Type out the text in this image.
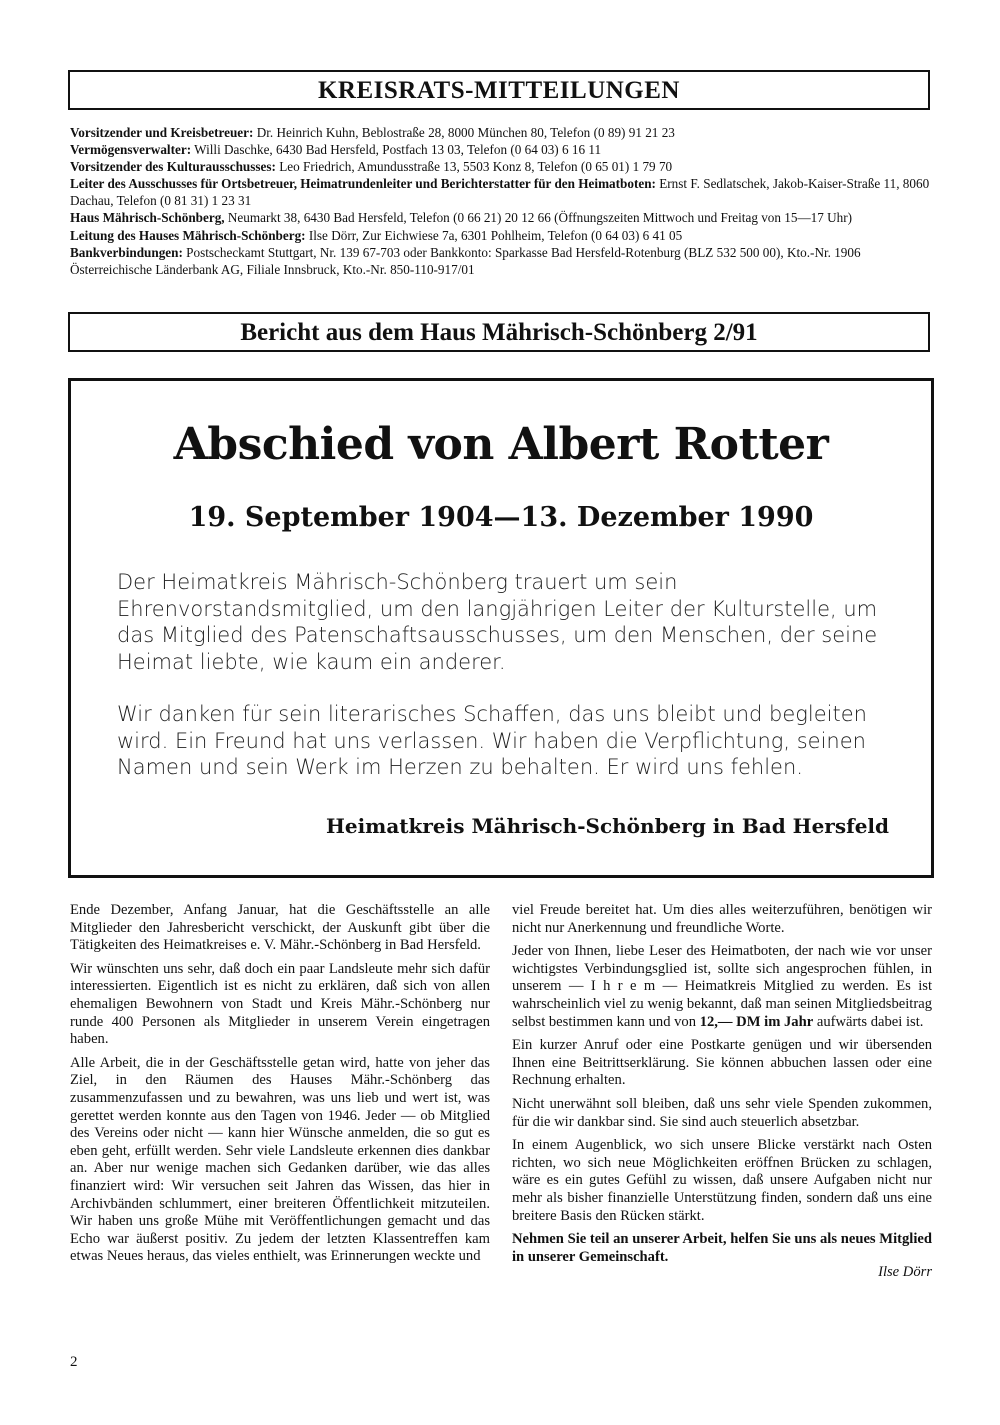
KREISRATS-MITTEILUNGEN

Vorsitzender und Kreisbetreuer: Dr. Heinrich Kuhn, Beblostraße 28, 8000 München 80, Telefon (0 89) 91 21 23

Vermögensverwalter: Willi Daschke, 6430 Bad Hersfeld, Postfach 13 03, Telefon (0 64 03) 6 16 11

Vorsitzender des Kulturausschusses: Leo Friedrich, Amundusstraße 13, 5503 Konz 8, Telefon (0 65 01) 1 79 70

Leiter des Ausschusses für Ortsbetreuer, Heimatrundenleiter und Berichterstatter für den Heimatboten: Ernst F. Sedlatschek, Jakob-Kaiser-Straße 11, 8060 Dachau, Telefon (0 81 31) 1 23 31

Haus Mährisch-Schönberg, Neumarkt 38, 6430 Bad Hersfeld, Telefon (0 66 21) 20 12 66 (Öffnungszeiten Mittwoch und Freitag von 15—17 Uhr)

Leitung des Hauses Mährisch-Schönberg: Ilse Dörr, Zur Eichwiese 7a, 6301 Pohlheim, Telefon (0 64 03) 6 41 05

Bankverbindungen: Postscheckamt Stuttgart, Nr. 139 67-703 oder Bankkonto: Sparkasse Bad Hersfeld-Rotenburg (BLZ 532 500 00), Kto.-Nr. 1906 Österreichische Länderbank AG, Filiale Innsbruck, Kto.-Nr. 850-110-917/01

Bericht aus dem Haus Mährisch-Schönberg 2/91
Abschied von Albert Rotter
19. September 1904—13. Dezember 1990

Der Heimatkreis Mährisch-Schönberg trauert um sein Ehrenvorstandsmitglied, um den langjährigen Leiter der Kulturstelle, um das Mitglied des Patenschaftsausschusses, um den Menschen, der seine Heimat liebte, wie kaum ein anderer.

Wir danken für sein literarisches Schaffen, das uns bleibt und begleiten wird. Ein Freund hat uns verlassen. Wir haben die Verpflichtung, seinen Namen und sein Werk im Herzen zu behalten. Er wird uns fehlen.

Heimatkreis Mährisch-Schönberg in Bad Hersfeld

Ende Dezember, Anfang Januar, hat die Geschäftsstelle an alle Mitglieder den Jahresbericht verschickt, der Auskunft gibt über die Tätigkeiten des Heimatkreises e. V. Mähr.-Schönberg in Bad Hersfeld.

Wir wünschten uns sehr, daß doch ein paar Landsleute mehr sich dafür interessierten. Eigentlich ist es nicht zu erklären, daß sich von allen ehemaligen Bewohnern von Stadt und Kreis Mähr.-Schönberg nur runde 400 Personen als Mitglieder in unserem Verein eingetragen haben.

Alle Arbeit, die in der Geschäftsstelle getan wird, hatte von jeher das Ziel, in den Räumen des Hauses Mähr.-Schönberg das zusammenzufassen und zu bewahren, was uns lieb und wert ist, was gerettet werden konnte aus den Tagen von 1946. Jeder — ob Mitglied des Vereins oder nicht — kann hier Wünsche anmelden, die so gut es eben geht, erfüllt werden. Sehr viele Landsleute erkennen dies dankbar an. Aber nur wenige machen sich Gedanken darüber, wie das alles finanziert wird: Wir versuchen seit Jahren das Wissen, das hier in Archivbänden schlummert, einer breiteren Öffentlichkeit mitzuteilen. Wir haben uns große Mühe mit Veröffentlichungen gemacht und das Echo war äußerst positiv. Zu jedem der letzten Klassentreffen kam etwas Neues heraus, das vieles enthielt, was Erinnerungen weckte und

viel Freude bereitet hat. Um dies alles weiterzuführen, benötigen wir nicht nur Anerkennung und freundliche Worte.

Jeder von Ihnen, liebe Leser des Heimatboten, der nach wie vor unser wichtigstes Verbindungsglied ist, sollte sich angesprochen fühlen, in unserem — I h r e m — Heimatkreis Mitglied zu werden. Es ist wahrscheinlich viel zu wenig bekannt, daß man seinen Mitgliedsbeitrag selbst bestimmen kann und von 12,— DM im Jahr aufwärts dabei ist.

Ein kurzer Anruf oder eine Postkarte genügen und wir übersenden Ihnen eine Beitrittserklärung. Sie können abbuchen lassen oder eine Rechnung erhalten.

Nicht unerwähnt soll bleiben, daß uns sehr viele Spenden zukommen, für die wir dankbar sind. Sie sind auch steuerlich absetzbar.

In einem Augenblick, wo sich unsere Blicke verstärkt nach Osten richten, wo sich neue Möglichkeiten eröffnen Brücken zu schlagen, wäre es ein gutes Gefühl zu wissen, daß unsere Aufgaben nicht nur mehr als bisher finanzielle Unterstützung finden, sondern daß uns eine breitere Basis den Rücken stärkt.

Nehmen Sie teil an unserer Arbeit, helfen Sie uns als neues Mitglied in unserer Gemeinschaft.

Ilse Dörr

2
